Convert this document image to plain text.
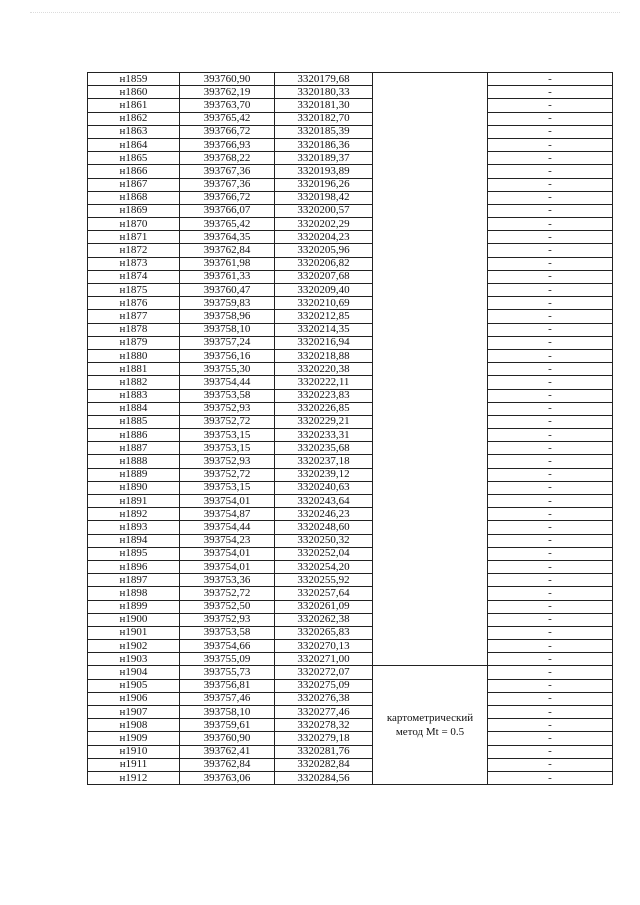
н1859	393760,90	3320179,68		-
н1860	393762,19	3320180,33		-
н1861	393763,70	3320181,30		-
н1862	393765,42	3320182,70		-
н1863	393766,72	3320185,39		-
н1864	393766,93	3320186,36		-
н1865	393768,22	3320189,37		-
н1866	393767,36	3320193,89		-
н1867	393767,36	3320196,26		-
н1868	393766,72	3320198,42		-
н1869	393766,07	3320200,57		-
н1870	393765,42	3320202,29		-
н1871	393764,35	3320204,23		-
н1872	393762,84	3320205,96		-
н1873	393761,98	3320206,82		-
н1874	393761,33	3320207,68		-
н1875	393760,47	3320209,40		-
н1876	393759,83	3320210,69		-
н1877	393758,96	3320212,85		-
н1878	393758,10	3320214,35		-
н1879	393757,24	3320216,94		-
н1880	393756,16	3320218,88		-
н1881	393755,30	3320220,38		-
н1882	393754,44	3320222,11		-
н1883	393753,58	3320223,83		-
н1884	393752,93	3320226,85		-
н1885	393752,72	3320229,21		-
н1886	393753,15	3320233,31		-
н1887	393753,15	3320235,68		-
н1888	393752,93	3320237,18		-
н1889	393752,72	3320239,12		-
н1890	393753,15	3320240,63		-
н1891	393754,01	3320243,64		-
н1892	393754,87	3320246,23		-
н1893	393754,44	3320248,60		-
н1894	393754,23	3320250,32		-
н1895	393754,01	3320252,04		-
н1896	393754,01	3320254,20		-
н1897	393753,36	3320255,92		-
н1898	393752,72	3320257,64		-
н1899	393752,50	3320261,09		-
н1900	393752,93	3320262,38		-
н1901	393753,58	3320265,83		-
н1902	393754,66	3320270,13		-
н1903	393755,09	3320271,00		-
н1904	393755,73	3320272,07	картометрический метод Mt = 0.5	-
н1905	393756,81	3320275,09		-
н1906	393757,46	3320276,38		-
н1907	393758,10	3320277,46		-
н1908	393759,61	3320278,32		-
н1909	393760,90	3320279,18		-
н1910	393762,41	3320281,76		-
н1911	393762,84	3320282,84		-
н1912	393763,06	3320284,56		-
